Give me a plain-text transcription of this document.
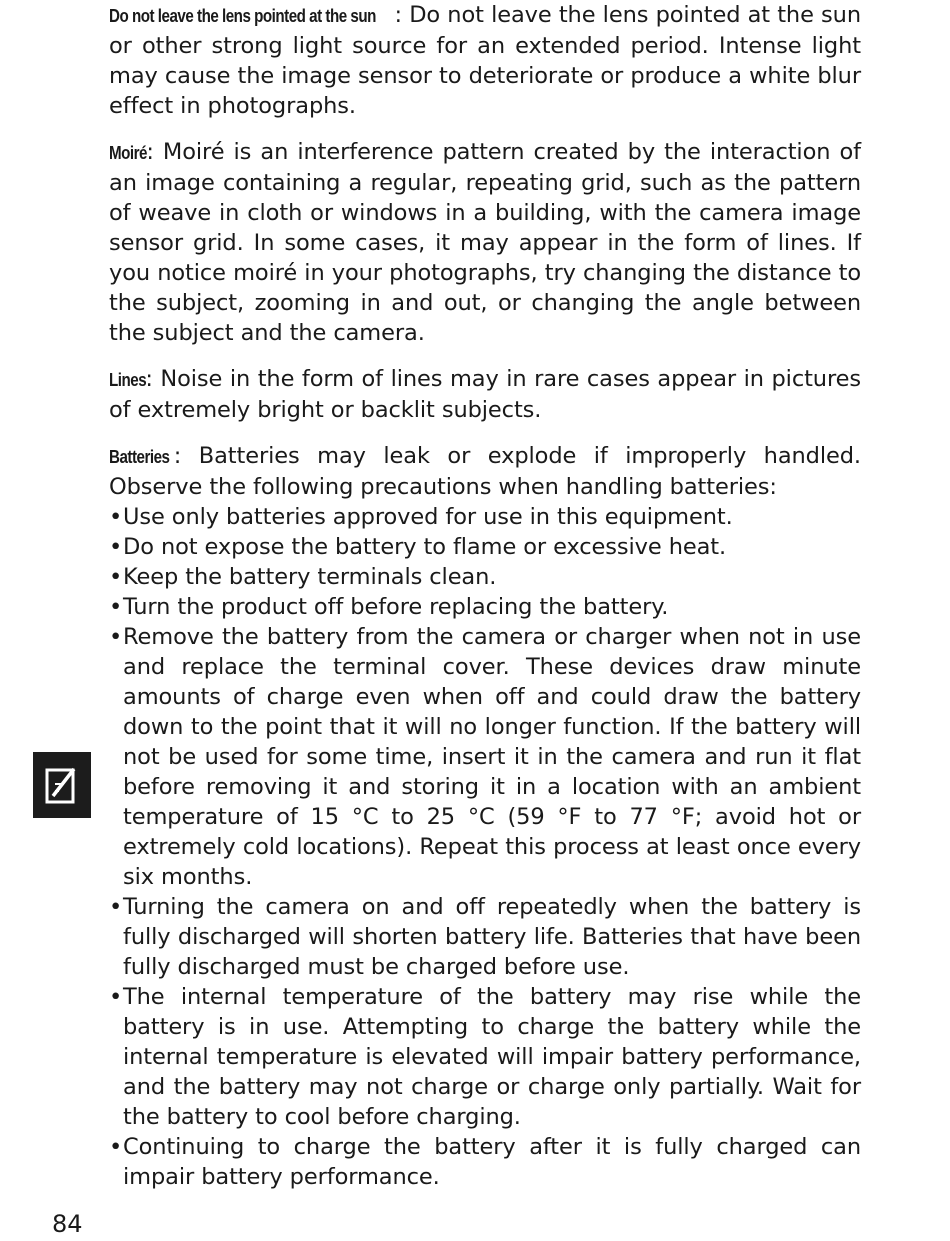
Do not leave the lens pointed at the sun : Do not leave the lens pointed at the sun or other strong light source for an extended period. Intense light may cause the image sensor to deteriorate or produce a white blur effect in photographs.

Moiré: Moiré is an interference pattern created by the interaction of an image containing a regular, repeating grid, such as the pattern of weave in cloth or windows in a building, with the camera image sensor grid. In some cases, it may appear in the form of lines. If you notice moiré in your photographs, try changing the distance to the subject, zooming in and out, or changing the angle between the subject and the camera.

Lines: Noise in the form of lines may in rare cases appear in pictures of extremely bright or backlit subjects.

Batteries : Batteries may leak or explode if improperly handled. Observe the following precautions when handling batteries:
• Use only batteries approved for use in this equipment.
• Do not expose the battery to flame or excessive heat.
• Keep the battery terminals clean.
• Turn the product off before replacing the battery.
• Remove the battery from the camera or charger when not in use and replace the terminal cover. These devices draw minute amounts of charge even when off and could draw the battery down to the point that it will no longer function. If the battery will not be used for some time, insert it in the camera and run it flat before removing it and storing it in a location with an ambient temperature of 15 °C to 25 °C (59 °F to 77 °F; avoid hot or extremely cold locations). Repeat this process at least once every six months.
• Turning the camera on and off repeatedly when the battery is fully discharged will shorten battery life. Batteries that have been fully discharged must be charged before use.
• The internal temperature of the battery may rise while the battery is in use. Attempting to charge the battery while the internal temperature is elevated will impair battery performance, and the battery may not charge or charge only partially. Wait for the battery to cool before charging.
• Continuing to charge the battery after it is fully charged can impair battery performance.
84
